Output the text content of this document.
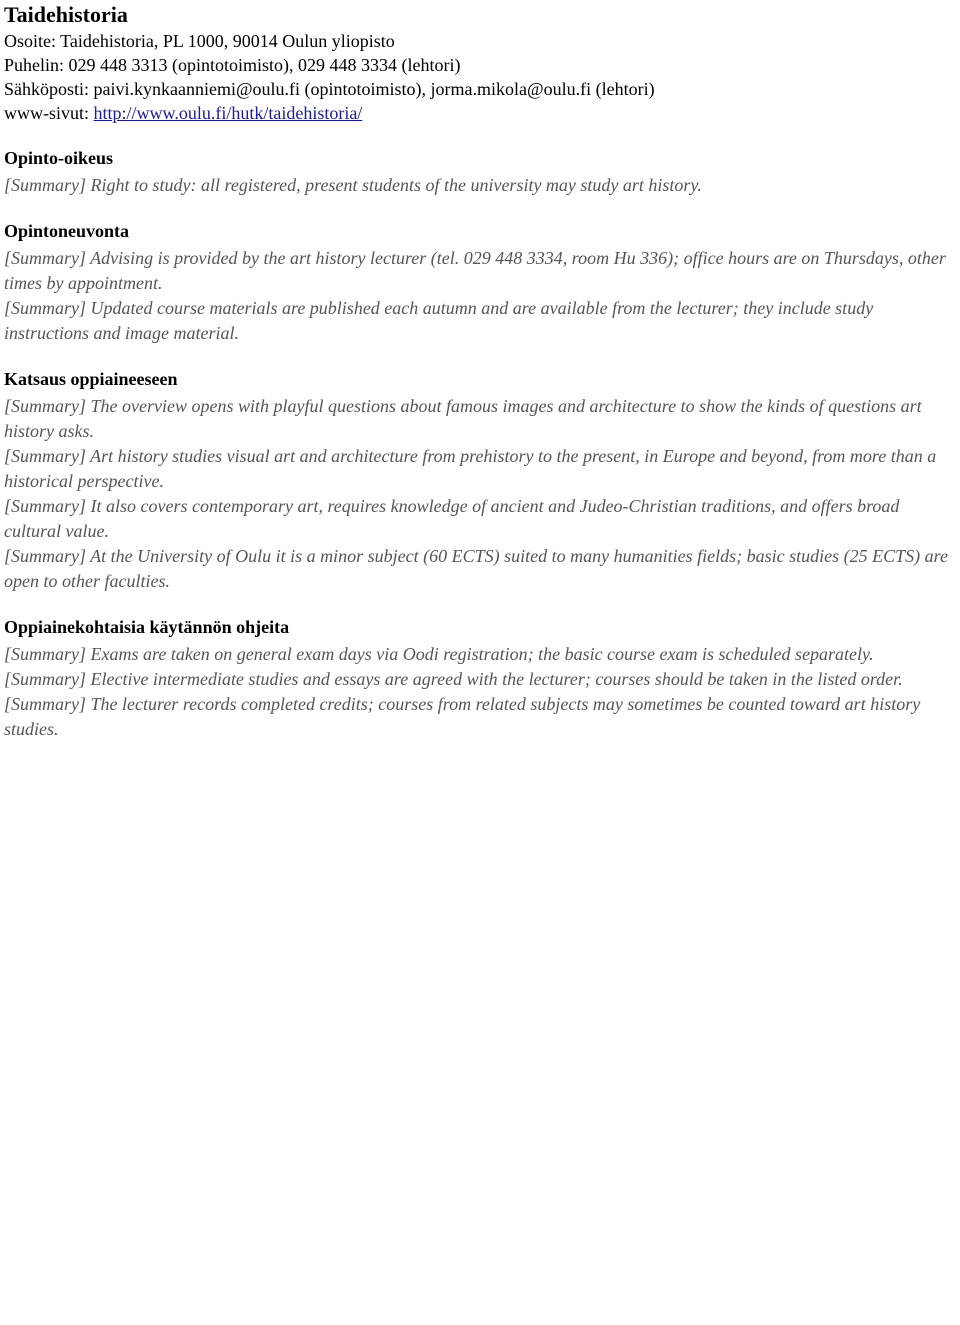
Taidehistoria

Osoite: Taidehistoria, PL 1000, 90014 Oulun yliopisto

Puhelin: 029 448 3313 (opintotoimisto), 029 448 3334 (lehtori)

Sähköposti: paivi.kynkaanniemi@oulu.fi (opintotoimisto), jorma.mikola@oulu.fi (lehtori)

www-sivut: http://www.oulu.fi/hutk/taidehistoria/

Opinto-oikeus

[Summary] Right to study: all registered, present students of the university may study art history.

Opintoneuvonta

[Summary] Advising is provided by the art history lecturer (tel. 029 448 3334, room Hu 336); office hours are on Thursdays, other times by appointment.

[Summary] Updated course materials are published each autumn and are available from the lecturer; they include study instructions and image material.

Katsaus oppiaineeseen

[Summary] The overview opens with playful questions about famous images and architecture to show the kinds of questions art history asks.

[Summary] Art history studies visual art and architecture from prehistory to the present, in Europe and beyond, from more than a historical perspective.

[Summary] It also covers contemporary art, requires knowledge of ancient and Judeo-Christian traditions, and offers broad cultural value.

[Summary] At the University of Oulu it is a minor subject (60 ECTS) suited to many humanities fields; basic studies (25 ECTS) are open to other faculties.

Oppiainekohtaisia käytännön ohjeita

[Summary] Exams are taken on general exam days via Oodi registration; the basic course exam is scheduled separately.

[Summary] Elective intermediate studies and essays are agreed with the lecturer; courses should be taken in the listed order.

[Summary] The lecturer records completed credits; courses from related subjects may sometimes be counted toward art history studies.
